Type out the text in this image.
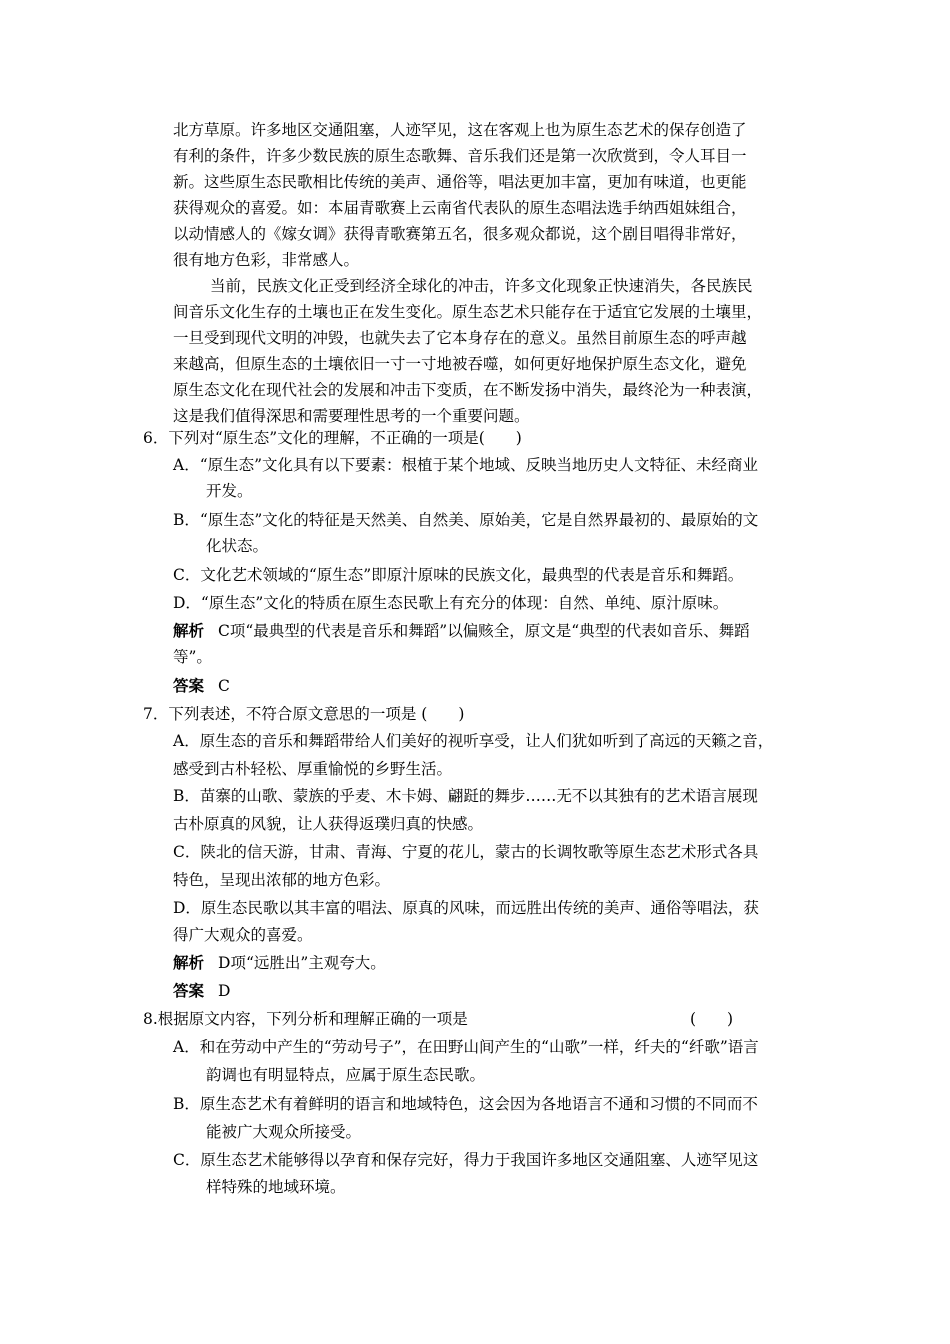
北方草原。许多地区交通阻塞，人迹罕见，这在客观上也为原生态艺术的保存创造了
有利的条件，许多少数民族的原生态歌舞、音乐我们还是第一次欣赏到，令人耳目一
新。这些原生态民歌相比传统的美声、通俗等，唱法更加丰富，更加有味道，也更能
获得观众的喜爱。如：本届青歌赛上云南省代表队的原生态唱法选手纳西姐妹组合，
以动情感人的《嫁女调》获得青歌赛第五名，很多观众都说，这个剧目唱得非常好，
很有地方色彩，非常感人。
当前，民族文化正受到经济全球化的冲击，许多文化现象正快速消失，各民族民
间音乐文化生存的土壤也正在发生变化。原生态艺术只能存在于适宜它发展的土壤里，
一旦受到现代文明的冲毁，也就失去了它本身存在的意义。虽然目前原生态的呼声越
来越高，但原生态的土壤依旧一寸一寸地被吞噬，如何更好地保护原生态文化，避免
原生态文化在现代社会的发展和冲击下变质，在不断发扬中消失，最终沦为一种表演，
这是我们值得深思和需要理性思考的一个重要问题。
6．下列对“原生态”文化的理解，不正确的一项是(　　)
A．“原生态”文化具有以下要素：根植于某个地域、反映当地历史人文特征、未经商业
开发。
B．“原生态”文化的特征是天然美、自然美、原始美，它是自然界最初的、最原始的文
化状态。
C．文化艺术领域的“原生态”即原汁原味的民族文化，最典型的代表是音乐和舞蹈。
D．“原生态”文化的特质在原生态民歌上有充分的体现：自然、单纯、原汁原味。
解析 C项“最典型的代表是音乐和舞蹈”以偏赅全，原文是“典型的代表如音乐、舞蹈
等”。
答案 C
7．下列表述，不符合原文意思的一项是 (　　)
A．原生态的音乐和舞蹈带给人们美好的视听享受，让人们犹如听到了高远的天籁之音，
感受到古朴轻松、厚重愉悦的乡野生活。
B．苗寨的山歌、蒙族的乎麦、木卡姆、翩跹的舞步……无不以其独有的艺术语言展现
古朴原真的风貌，让人获得返璞归真的快感。
C．陕北的信天游，甘肃、青海、宁夏的花儿，蒙古的长调牧歌等原生态艺术形式各具
特色，呈现出浓郁的地方色彩。
D．原生态民歌以其丰富的唱法、原真的风味，而远胜出传统的美声、通俗等唱法，获
得广大观众的喜爱。
解析 D项“远胜出”主观夸大。
答案 D
8.根据原文内容，下列分析和理解正确的一项是	(　　)
A．和在劳动中产生的“劳动号子”，在田野山间产生的“山歌”一样，纤夫的“纤歌”语言
韵调也有明显特点，应属于原生态民歌。
B．原生态艺术有着鲜明的语言和地域特色，这会因为各地语言不通和习惯的不同而不
能被广大观众所接受。
C．原生态艺术能够得以孕育和保存完好，得力于我国许多地区交通阻塞、人迹罕见这
样特殊的地域环境。
